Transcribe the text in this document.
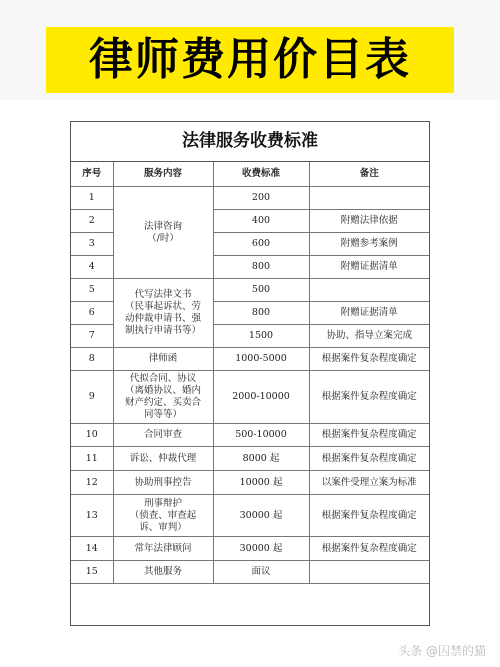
律师费用价目表
法律服务收费标准
序号	服务内容	收费标准	备注
1	法律咨询
（/时）	200	
2		400	附赠法律依据
3		600	附赠参考案例
4		800	附赠证据清单
5	代写法律文书
（民事起诉状、劳
动仲裁申请书、强
制执行申请书等）	500	
6		800	附赠证据清单
7		1500	协助、指导立案完成
8	律师函	1000-5000	根据案件复杂程度确定
9	代拟合同、协议
（离婚协议、婚内
财产约定、买卖合
同等等）	2000-10000	根据案件复杂程度确定
10	合同审查	500-10000	根据案件复杂程度确定
11	诉讼、仲裁代理	8000 起	根据案件复杂程度确定
12	协助刑事控告	10000 起	以案件受理立案为标准
13	刑事辩护
（侦查、审查起
诉、审判）	30000 起	根据案件复杂程度确定
14	常年法律顾问	30000 起	根据案件复杂程度确定
15	其他服务	面议	
头条 @囚禁的猫
